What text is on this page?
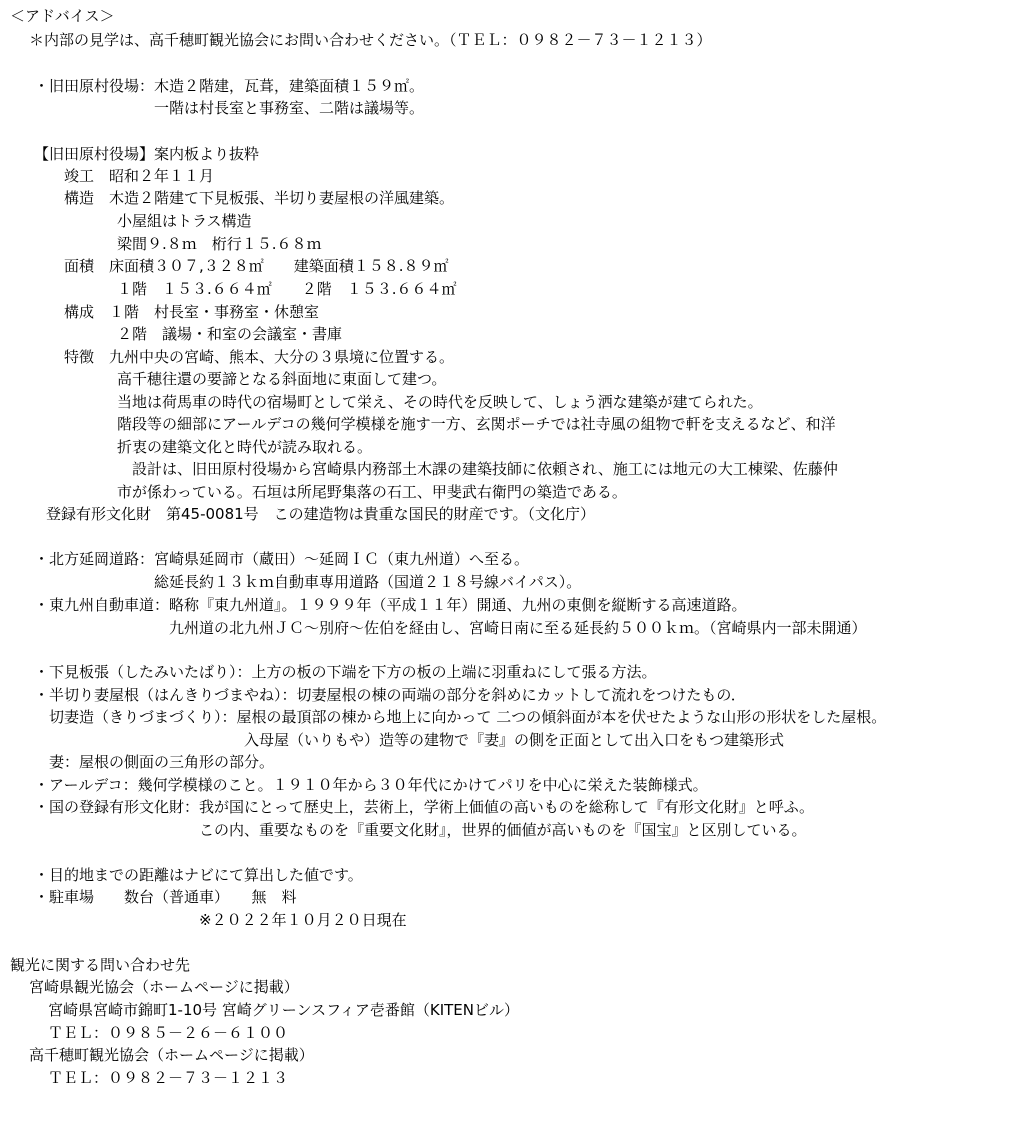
＜アドバイス＞
　＊内部の見学は、高千穂町観光協会にお問い合わせください。（ＴＥＬ：０９８２－７３－１２１３）
・旧田原村役場：木造２階建，瓦葺，建築面積１５９㎡。
　　　　　　　　一階は村長室と事務室、二階は議場等。
【旧田原村役場】案内板より抜粋
竣工　昭和２年１１月
構造　木造２階建て下見板張、半切り妻屋根の洋風建築。
小屋組はトラス構造
梁間９.８ｍ　桁行１５.６８ｍ
面積　床面積３０７,３２８㎡　　建築面積１５８.８９㎡
１階　１５３.６６４㎡　　２階　１５３.６６４㎡
構成　１階　村長室・事務室・休憩室
２階　議場・和室の会議室・書庫
特徴　九州中央の宮崎、熊本、大分の３県境に位置する。
高千穂往還の要諦となる斜面地に東面して建つ。
当地は荷馬車の時代の宿場町として栄え、その時代を反映して、しょう洒な建築が建てられた。
階段等の細部にアールデコの幾何学模様を施す一方、玄関ポーチでは社寺風の組物で軒を支えるなど、和洋
折衷の建築文化と時代が読み取れる。
　設計は、旧田原村役場から宮崎県内務部土木課の建築技師に依頼され、施工には地元の大工棟梁、佐藤仲
市が係わっている。石垣は所尾野集落の石工、甲斐武右衛門の築造である。
登録有形文化財　第45-0081号　この建造物は貴重な国民的財産です。（文化庁）
・北方延岡道路：宮崎県延岡市（蔵田）～延岡ＩＣ（東九州道）へ至る。
　　　　　　　　総延長約１３ｋｍ自動車専用道路（国道２１８号線バイパス）。
・東九州自動車道：略称『東九州道』。１９９９年（平成１１年）開通、九州の東側を縦断する高速道路。
　　　　　　　　　九州道の北九州ＪＣ～別府～佐伯を経由し、宮崎日南に至る延長約５００ｋｍ。（宮崎県内一部未開通）
・下見板張（したみいたばり）：上方の板の下端を下方の板の上端に羽重ねにして張る方法。
・半切り妻屋根（はんきりづまやね）：切妻屋根の棟の両端の部分を斜めにカットして流れをつけたもの．
　切妻造（きりづまづくり）：屋根の最頂部の棟から地上に向かって 二つの傾斜面が本を伏せたような山形の形状をした屋根。
　　　　　　　　　　　　　　入母屋（いりもや）造等の建物で『妻』の側を正面として出入口をもつ建築形式
　妻：屋根の側面の三角形の部分。
・アールデコ：幾何学模様のこと。１９１０年から３０年代にかけてパリを中心に栄えた装飾様式。
・国の登録有形文化財：我が国にとって歴史上，芸術上，学術上価値の高いものを総称して『有形文化財』と呼ふ。
　　　　　　　　　　　この内、重要なものを『重要文化財』，世界的価値が高いものを『国宝』と区別している。
・目的地までの距離はナビにて算出した値です。
・駐車場　　数台（普通車）　　無　料
　　　　　　　　　　　※２０２２年１０月２０日現在
観光に関する問い合わせ先
宮崎県観光協会（ホームページに掲載）
宮崎県宮崎市錦町1-10号 宮崎グリーンスフィア壱番館（KITENビル）
ＴＥＬ：０９８５－２６－６１００
高千穂町観光協会（ホームページに掲載）
ＴＥＬ：０９８２－７３－１２１３
